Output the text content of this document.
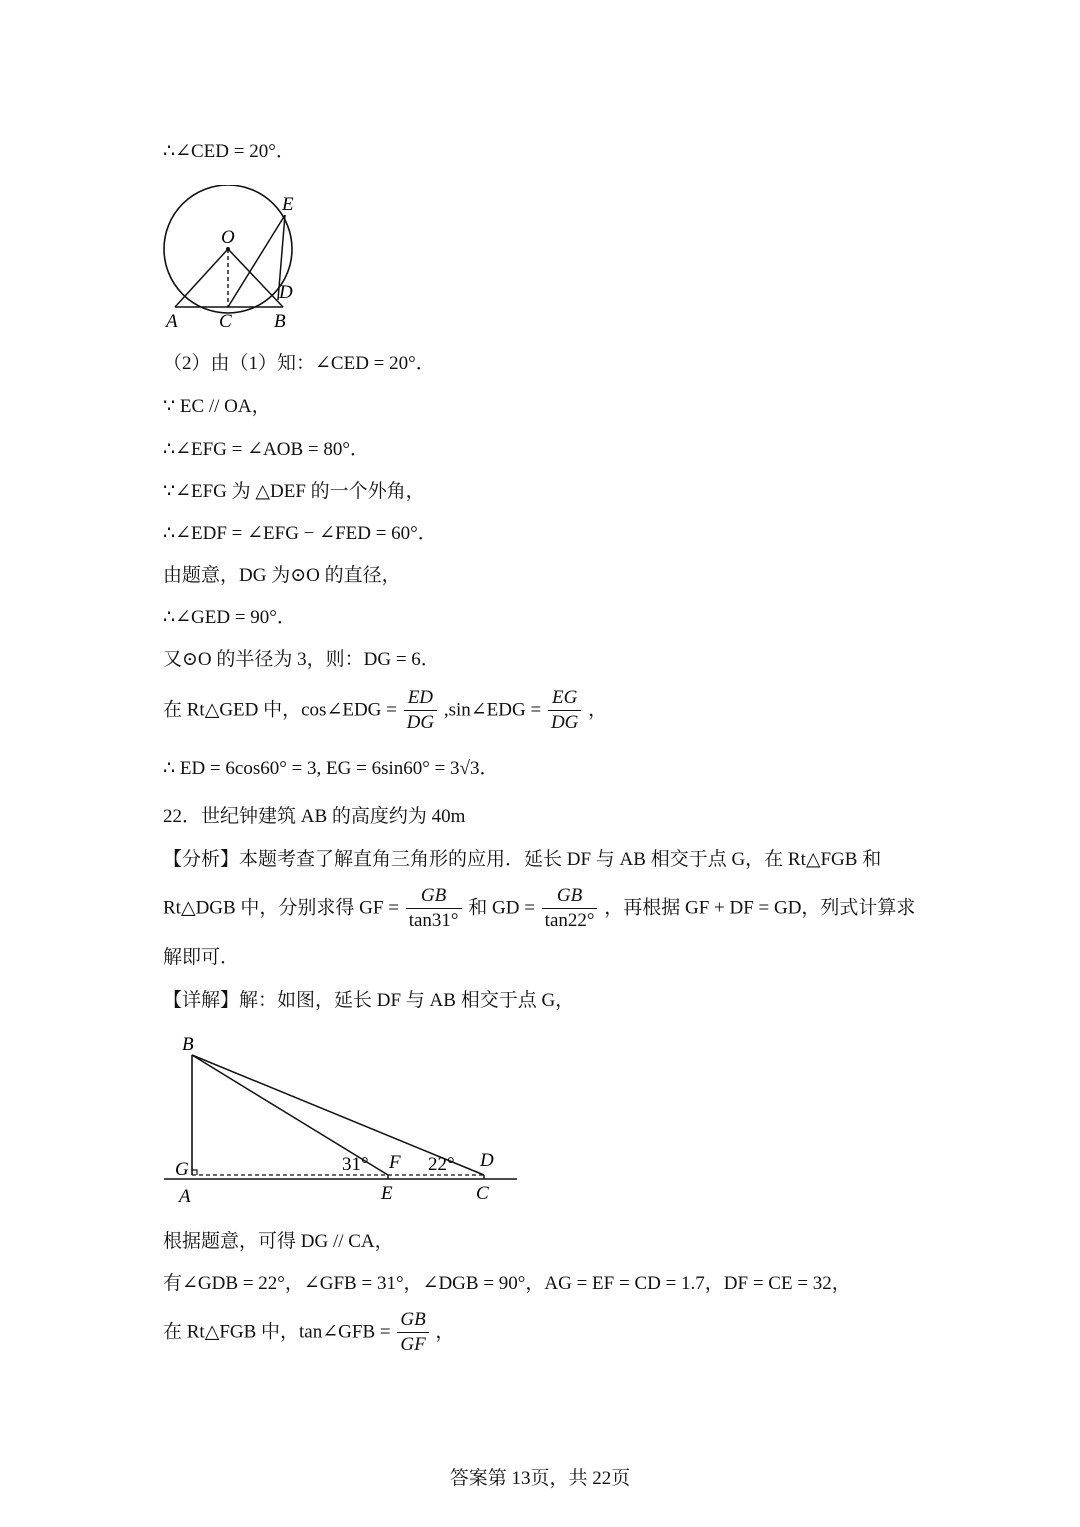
∴∠CED = 20°．
E
O
D
A C B
（2）由（1）知：∠CED = 20°．
∵ EC // OA，
∴∠EFG = ∠AOB = 80°．
∵∠EFG 为 △DEF 的一个外角，
∴∠EDF = ∠EFG − ∠FED = 60°．
由题意，DG 为⊙O 的直径，
∴∠GED = 90°．
又⊙O 的半径为 3，则：DG = 6．
在 Rt△GED 中，cos∠EDG = $\frac{ED}{DG}$ ,sin∠EDG = $\frac{EG}{DG}$ ，
∴ ED = 6cos60° = 3, EG = 6sin60° = 3√3．
22．世纪钟建筑 AB 的高度约为 40m
【分析】本题考查了解直角三角形的应用．延长 DF 与 AB 相交于点 G，在 Rt△FGB 和
Rt△DGB 中，分别求得 GF = $\frac{GB}{\tan 31^\circ}$ 和 GD = $\frac{GB}{\tan 22^\circ}$ ，再根据 GF + DF = GD，列式计算求
解即可．
【详解】解：如图，延长 DF 与 AB 相交于点 G，
B
G
A
31° F
E
22° D
C
根据题意，可得 DG // CA，
有∠GDB = 22°，∠GFB = 31°，∠DGB = 90°，AG = EF = CD = 1.7，DF = CE = 32，
在 Rt△FGB 中，tan∠GFB = $\frac{GB}{GF}$ ，
答案第 13页，共 22页
